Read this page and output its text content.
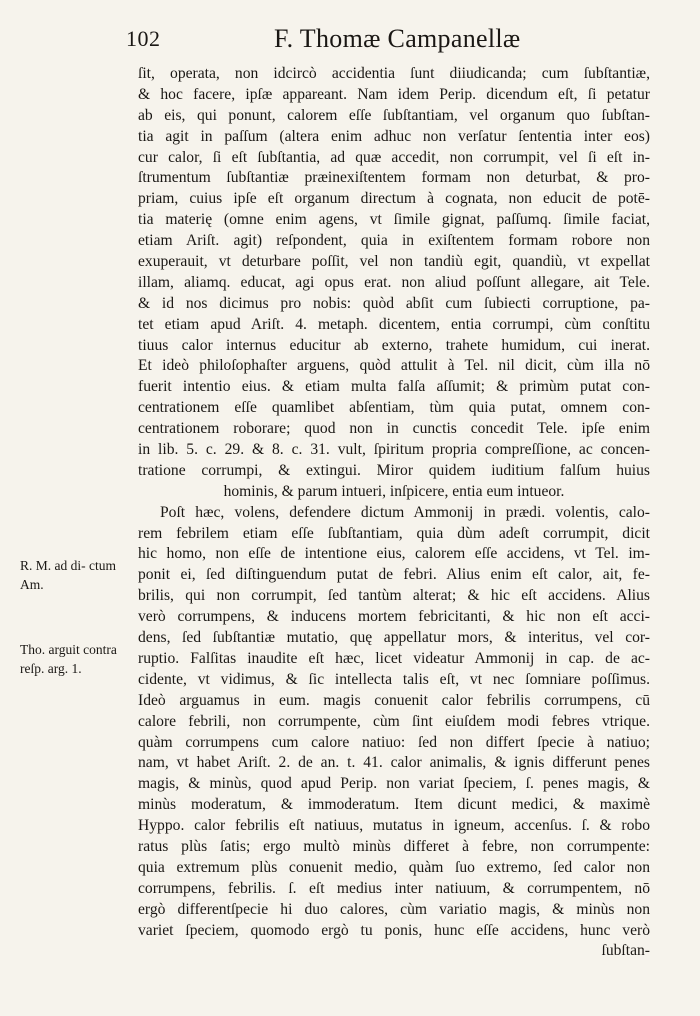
102	F. Thomæ Campanellæ
ſit, operata, non idcircò accidentia ſunt diiudicanda; cum ſubſtantiæ,
& hoc facere, ipſæ appareant. Nam idem Perip. dicendum eſt, ſi petatur
ab eis, qui ponunt, calorem eſſe ſubſtantiam, vel organum quo ſubſtan-
tia agit in paſſum (altera enim adhuc non verſatur ſententia inter eos)
cur calor, ſi eſt ſubſtantia, ad quæ accedit, non corrumpit, vel ſi eſt in-
ſtrumentum ſubſtantiæ præinexiſtentem formam non deturbat, & pro-
priam, cuius ipſe eſt organum directum à cognata, non educit de potē-
tia materię (omne enim agens, vt ſimile gignat, paſſumq. ſimile faciat,
etiam Ariſt. agit) reſpondent, quia in exiſtentem formam robore non
exuperauit, vt deturbare poſſit, vel non tandiù egit, quandiù, vt expellat
illam, aliamq. educat, agi opus erat. non aliud poſſunt allegare, ait Tele.
& id nos dicimus pro nobis: quòd abſit cum ſubiecti corruptione, pa-
tet etiam apud Ariſt. 4. metaph. dicentem, entia corrumpi, cùm conſtitu
tiuus calor internus educitur ab externo, trahete humidum, cui inerat.
Et ideò philoſophaſter arguens, quòd attulit à Tel. nil dicit, cùm illa nō
fuerit intentio eius. & etiam multa falſa aſſumit; & primùm putat con-
centrationem eſſe quamlibet abſentiam, tùm quia putat, omnem con-
centrationem roborare; quod non in cunctis concedit Tele. ipſe enim
in lib. 5. c. 29. & 8. c. 31. vult, ſpiritum propria compreſſione, ac concen-
tratione corrumpi, & extingui. Miror quidem iuditium falſum huius
hominis, & parum intueri, inſpicere, entia eum intueor.
Poſt hæc, volens, defendere dictum Ammonij in prædi. volentis, calo-
rem febrilem etiam eſſe ſubſtantiam, quia dùm adeſt corrumpit, dicit
hic homo, non eſſe de intentione eius, calorem eſſe accidens, vt Tel. im-
ponit ei, ſed diſtinguendum putat de febri. Alius enim eſt calor, ait, fe-
brilis, qui non corrumpit, ſed tantùm alterat; & hic eſt accidens. Alius
verò corrumpens, & inducens mortem febricitanti, & hic non eſt acci-
dens, ſed ſubſtantiæ mutatio, quę appellatur mors, & interitus, vel cor-
ruptio. Falſitas inaudite eſt hæc, licet videatur Ammonij in cap. de ac-
cidente, vt vidimus, & ſic intellecta talis eſt, vt nec ſomniare poſſimus.
Ideò arguamus in eum. magis conuenit calor febrilis corrumpens, cū
calore febrili, non corrumpente, cùm ſint eiuſdem modi febres vtrique.
quàm corrumpens cum calore natiuo: ſed non differt ſpecie à natiuo;
nam, vt habet Ariſt. 2. de an. t. 41. calor animalis, & ignis differunt penes
magis, & minùs, quod apud Perip. non variat ſpeciem, ſ. penes magis, &
minùs moderatum, & immoderatum. Item dicunt medici, & maximè
Hyppo. calor febrilis eſt natiuus, mutatus in igneum, accenſus. ſ. & robo
ratus plùs ſatis; ergo multò minùs differet à febre, non corrumpente:
quia extremum plùs conuenit medio, quàm ſuo extremo, ſed calor non
corrumpens, febrilis. ſ. eſt medius inter natiuum, & corrumpentem, nō
ergò differentſpecie hi duo calores, cùm variatio magis, & minùs non
variet ſpeciem, quomodo ergò tu ponis, hunc eſſe accidens, hunc verò
ſubſtan-
R. M. ad di- ctum Am.
Tho. arguit contra reſp. arg. 1.
